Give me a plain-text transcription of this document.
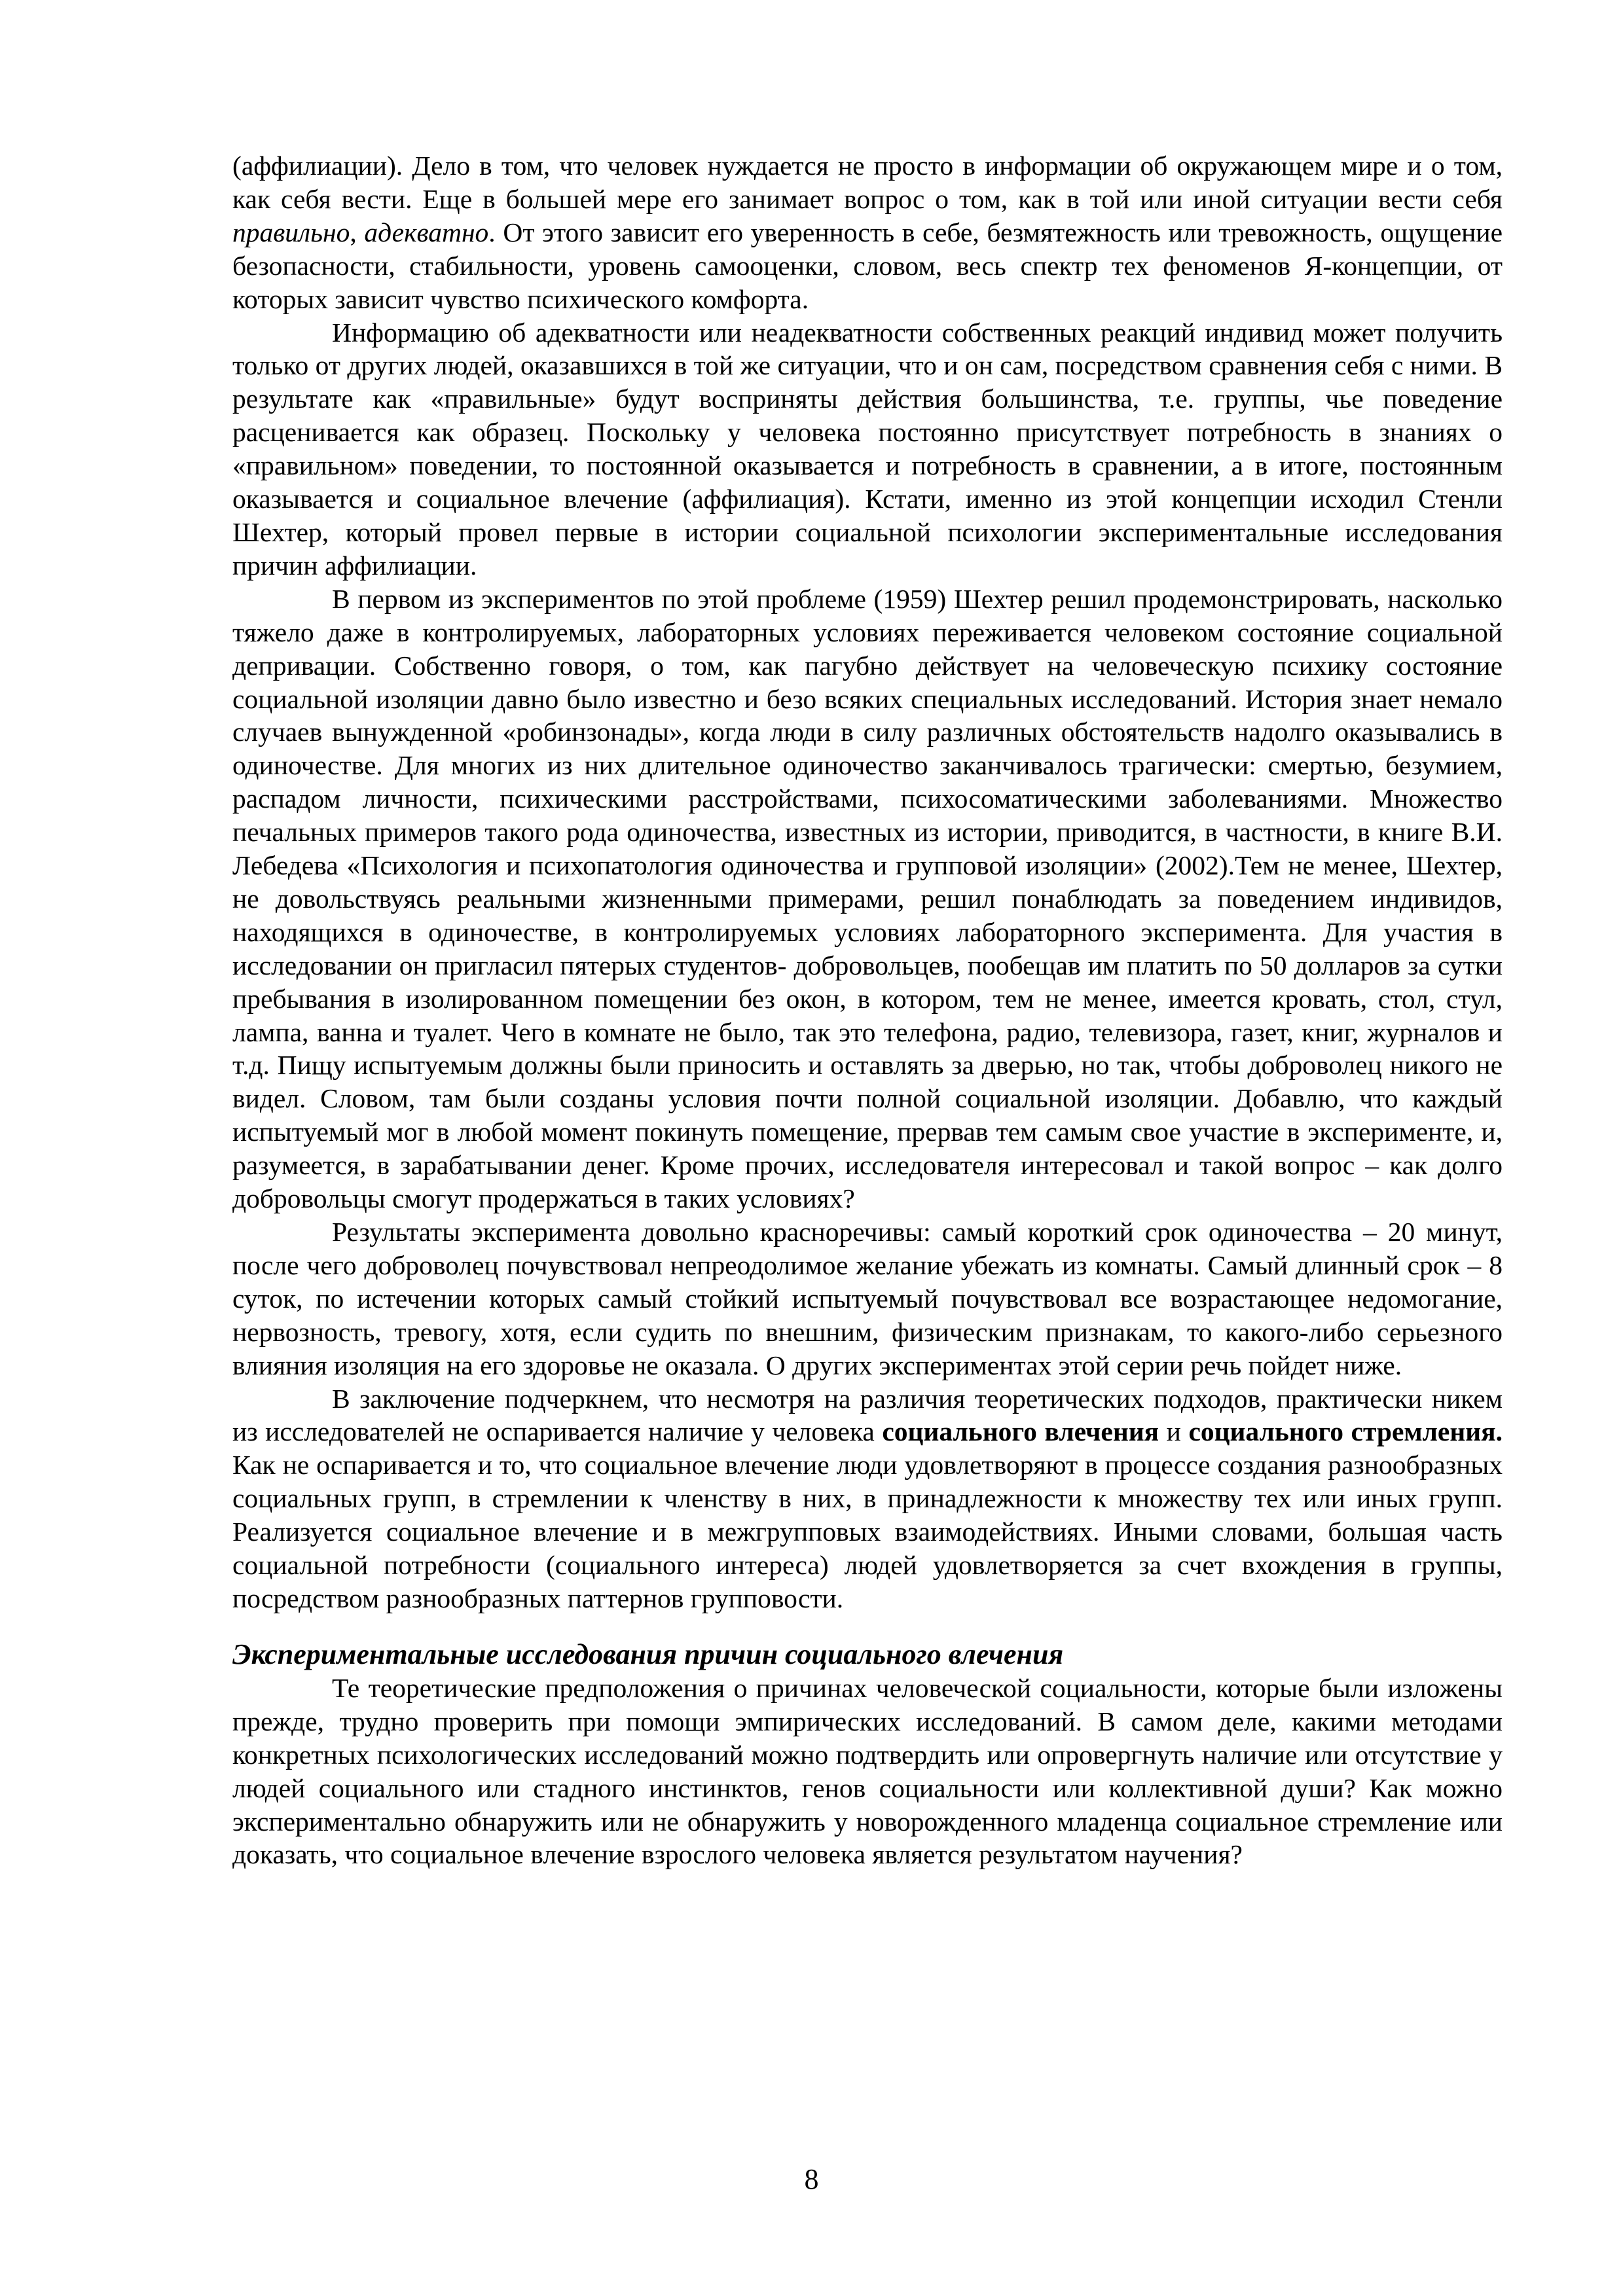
(аффилиации). Дело в том, что человек нуждается не просто в информации об окружающем мире и о том, как себя вести. Еще в большей мере его занимает вопрос о том, как в той или иной ситуации вести себя правильно, адекватно. От этого зависит его уверенность в себе, безмятежность или тревожность, ощущение безопасности, стабильности, уровень самооценки, словом, весь спектр тех феноменов Я-концепции, от которых зависит чувство психического комфорта.

Информацию об адекватности или неадекватности собственных реакций индивид может получить только от других людей, оказавшихся в той же ситуации, что и он сам, посредством сравнения себя с ними. В результате как «правильные» будут восприняты действия большинства, т.е. группы, чье поведение расценивается как образец. Поскольку у человека постоянно присутствует потребность в знаниях о «правильном» поведении, то постоянной оказывается и потребность в сравнении, а в итоге, постоянным оказывается и социальное влечение (аффилиация). Кстати, именно из этой концепции исходил Стенли Шехтер, который провел первые в истории социальной психологии экспериментальные исследования причин аффилиации.

В первом из экспериментов по этой проблеме (1959) Шехтер решил продемонстрировать, насколько тяжело даже в контролируемых, лабораторных условиях переживается человеком состояние социальной депривации. Собственно говоря, о том, как пагубно действует на человеческую психику состояние социальной изоляции давно было известно и безо всяких специальных исследований. История знает немало случаев вынужденной «робинзонады», когда люди в силу различных обстоятельств надолго оказывались в одиночестве. Для многих из них длительное одиночество заканчивалось трагически: смертью, безумием, распадом личности, психическими расстройствами, психосоматическими заболеваниями. Множество печальных примеров такого рода одиночества, известных из истории, приводится, в частности, в книге В.И. Лебедева «Психология и психопатология одиночества и групповой изоляции» (2002).Тем не менее, Шехтер, не довольствуясь реальными жизненными примерами, решил понаблюдать за поведением индивидов, находящихся в одиночестве, в контролируемых условиях лабораторного эксперимента. Для участия в исследовании он пригласил пятерых студентов- добровольцев, пообещав им платить по 50 долларов за сутки пребывания в изолированном помещении без окон, в котором, тем не менее, имеется кровать, стол, стул, лампа, ванна и туалет. Чего в комнате не было, так это телефона, радио, телевизора, газет, книг, журналов и т.д. Пищу испытуемым должны были приносить и оставлять за дверью, но так, чтобы доброволец никого не видел. Словом, там были созданы условия почти полной социальной изоляции. Добавлю, что каждый испытуемый мог в любой момент покинуть помещение, прервав тем самым свое участие в эксперименте, и, разумеется, в зарабатывании денег. Кроме прочих, исследователя интересовал и такой вопрос – как долго добровольцы смогут продержаться в таких условиях?

Результаты эксперимента довольно красноречивы: самый короткий срок одиночества – 20 минут, после чего доброволец почувствовал непреодолимое желание убежать из комнаты. Самый длинный срок – 8 суток, по истечении которых самый стойкий испытуемый почувствовал все возрастающее недомогание, нервозность, тревогу, хотя, если судить по внешним, физическим признакам, то какого-либо серьезного влияния изоляция на его здоровье не оказала. О других экспериментах этой серии речь пойдет ниже.

В заключение подчеркнем, что несмотря на различия теоретических подходов, практически никем из исследователей не оспаривается наличие у человека социального влечения и социального стремления. Как не оспаривается и то, что социальное влечение люди удовлетворяют в процессе создания разнообразных социальных групп, в стремлении к членству в них, в принадлежности к множеству тех или иных групп. Реализуется социальное влечение и в межгрупповых взаимодействиях. Иными словами, большая часть социальной потребности (социального интереса) людей удовлетворяется за счет вхождения в группы, посредством разнообразных паттернов групповости.

Экспериментальные исследования причин социального влечения

Те теоретические предположения о причинах человеческой социальности, которые были изложены прежде, трудно проверить при помощи эмпирических исследований. В самом деле, какими методами конкретных психологических исследований можно подтвердить или опровергнуть наличие или отсутствие у людей социального или стадного инстинктов, генов социальности или коллективной души? Как можно экспериментально обнаружить или не обнаружить у новорожденного младенца социальное стремление или доказать, что социальное влечение взрослого человека является результатом научения?

8
